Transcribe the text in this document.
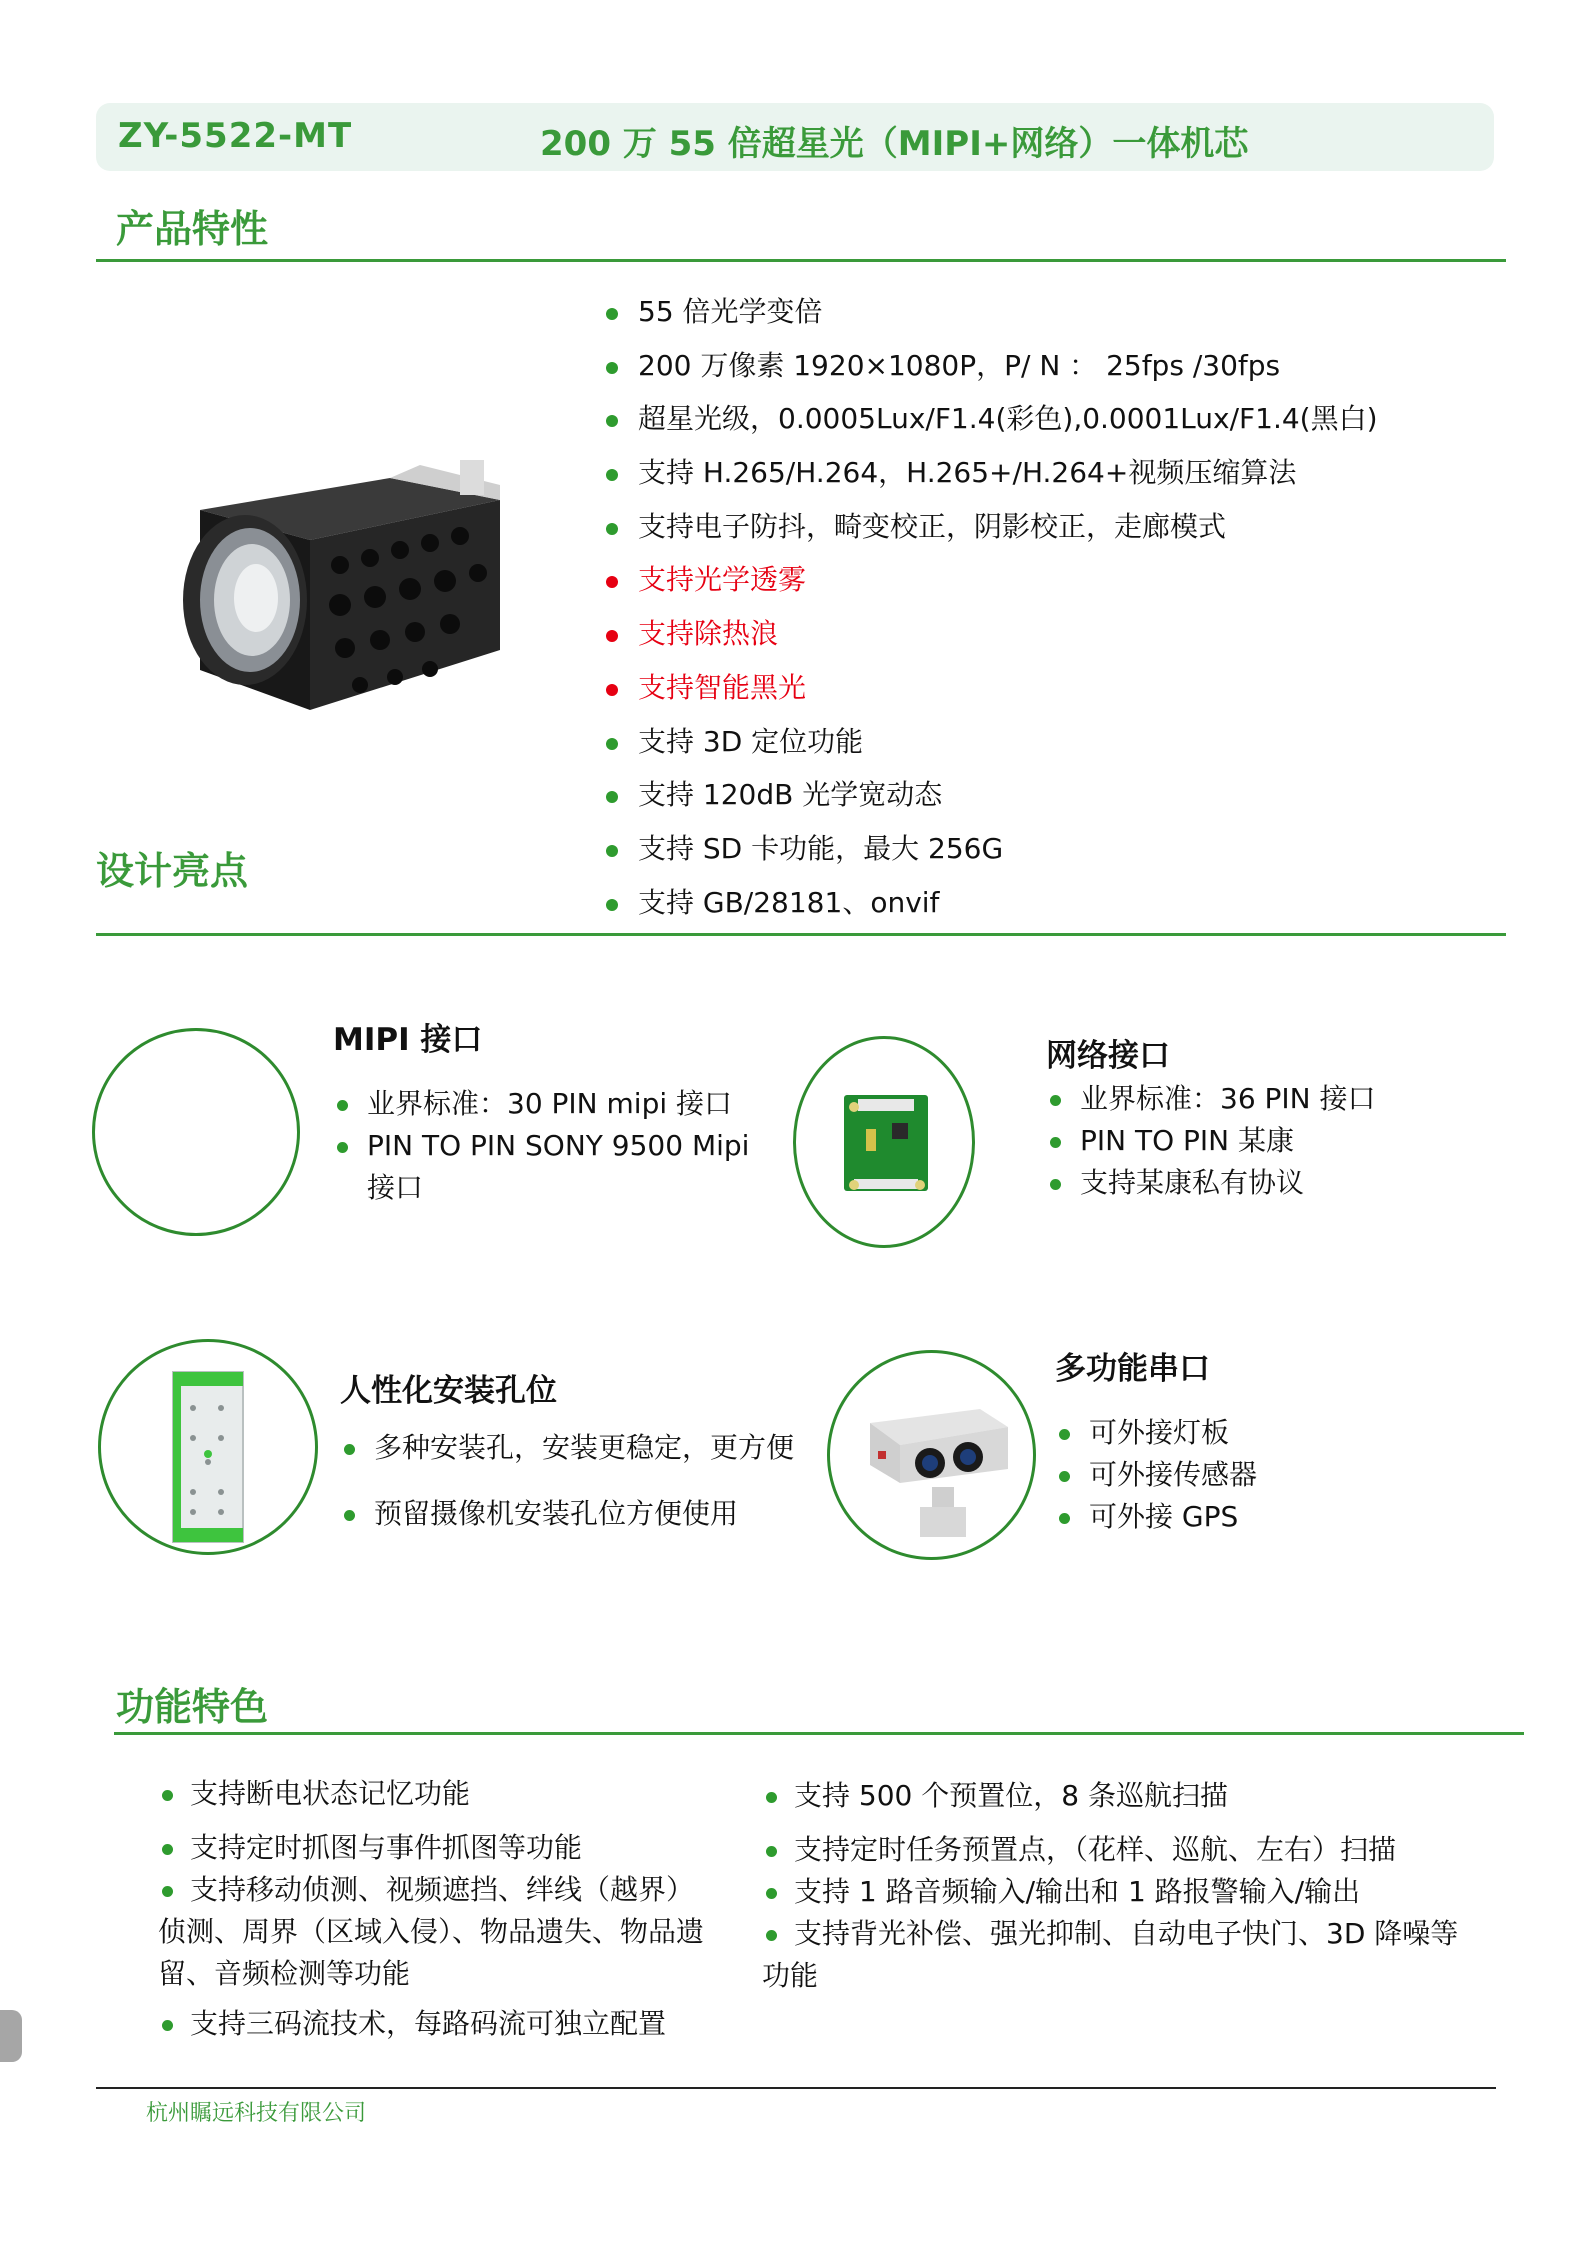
ZY-5522-MT	200 万 55 倍超星光（MIPI+网络）一体机芯
产品特性
55 倍光学变倍
200 万像素 1920×1080P，P/ N ： 25fps /30fps
超星光级，0.0005Lux/F1.4(彩色),0.0001Lux/F1.4(黑白)
支持 H.265/H.264，H.265+/H.264+视频压缩算法
支持电子防抖，畸变校正，阴影校正，走廊模式
支持光学透雾
支持除热浪
支持智能黑光
支持 3D 定位功能
支持 120dB 光学宽动态
支持 SD 卡功能，最大 256G
支持 GB/28181、onvif
设计亮点
MIPI 接口
业界标准：30 PIN mipi 接口
PIN TO PIN SONY 9500 Mipi 接口
网络接口
业界标准：36 PIN 接口
PIN TO PIN 某康
支持某康私有协议
人性化安装孔位
多种安装孔，安装更稳定，更方便
预留摄像机安装孔位方便使用
多功能串口
可外接灯板
可外接传感器
可外接 GPS
功能特色
支持断电状态记忆功能
支持定时抓图与事件抓图等功能
支持移动侦测、视频遮挡、绊线（越界）侦测、周界（区域入侵）、物品遗失、物品遗留、音频检测等功能
支持三码流技术，每路码流可独立配置
支持 500 个预置位，8 条巡航扫描
支持定时任务预置点，（花样、巡航、左右）扫描
支持 1 路音频输入/输出和 1 路报警输入/输出
支持背光补偿、强光抑制、自动电子快门、3D 降噪等功能
杭州瞩远科技有限公司
